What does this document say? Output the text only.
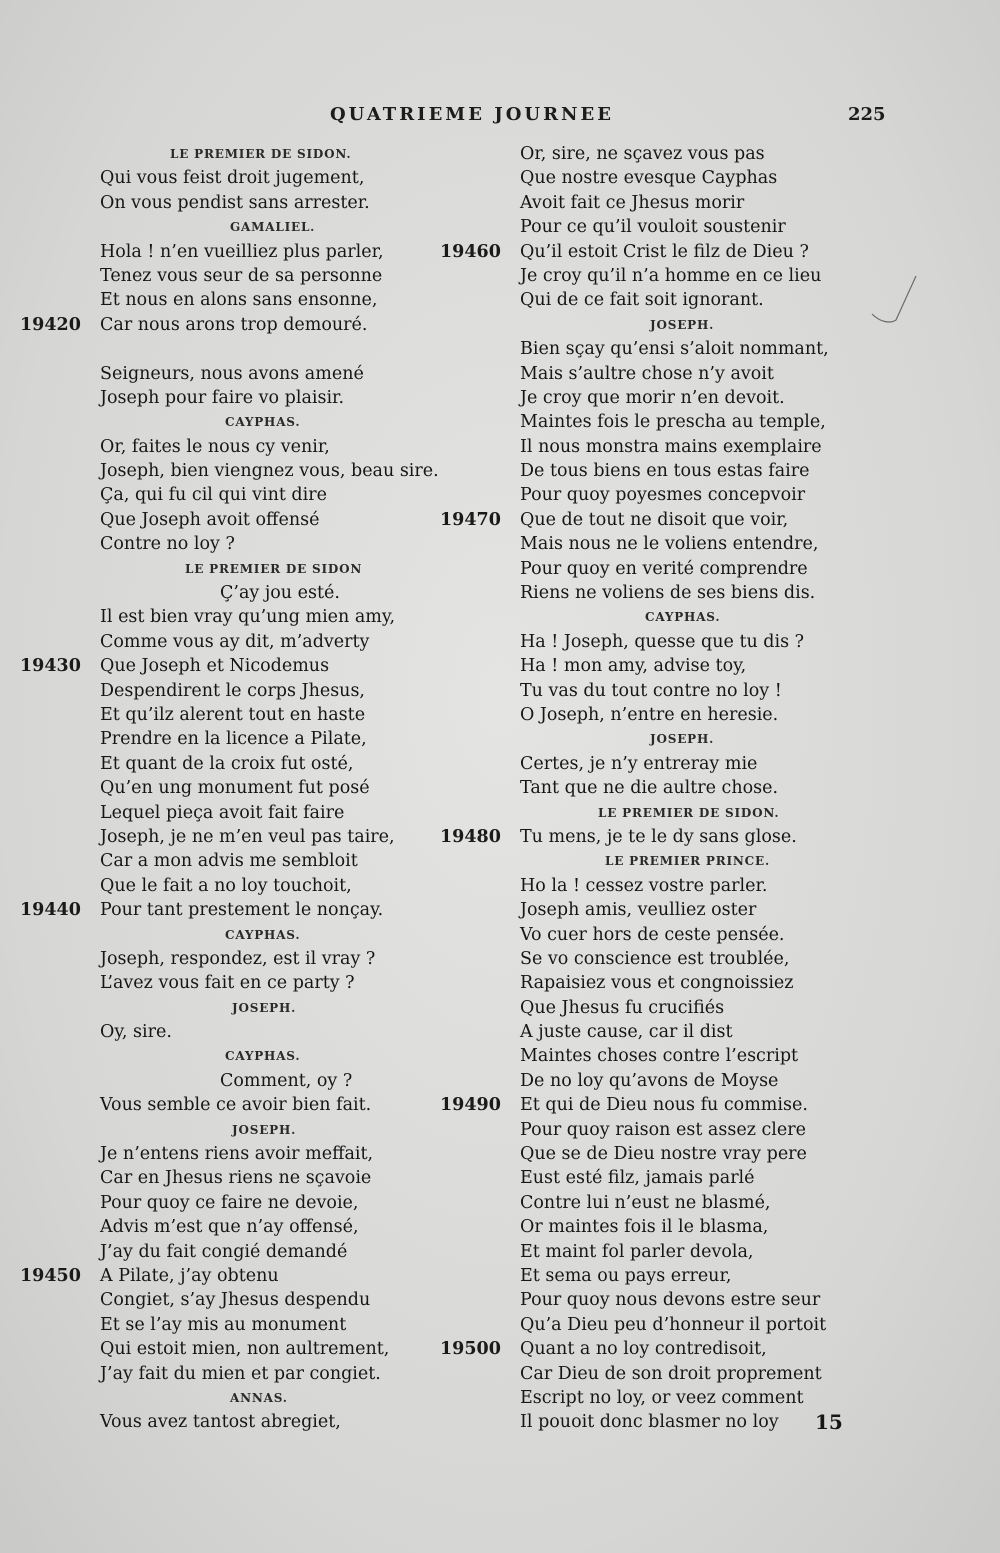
QUATRIEME JOURNEE	225
LE PREMIER DE SIDON.
Qui vous feist droit jugement,
On vous pendist sans arrester.
GAMALIEL.
Hola ! n’en vueilliez plus parler,
Tenez vous seur de sa personne
Et nous en alons sans ensonne,
19420	Car nous arons trop demouré.
Seigneurs, nous avons amené
Joseph pour faire vo plaisir.
CAYPHAS.
Or, faites le nous cy venir,
Joseph, bien viengnez vous, beau sire.
Ça, qui fu cil qui vint dire
Que Joseph avoit offensé
Contre no loy ?
LE PREMIER DE SIDON
Ç’ay jou esté.
Il est bien vray qu’ung mien amy,
Comme vous ay dit, m’adverty
19430	Que Joseph et Nicodemus
Despendirent le corps Jhesus,
Et qu’ilz alerent tout en haste
Prendre en la licence a Pilate,
Et quant de la croix fut osté,
Qu’en ung monument fut posé
Lequel pieça avoit fait faire
Joseph, je ne m’en veul pas taire,
Car a mon advis me sembloit
Que le fait a no loy touchoit,
19440	Pour tant prestement le nonçay.
CAYPHAS.
Joseph, respondez, est il vray ?
L’avez vous fait en ce party ?
JOSEPH.
Oy, sire.
CAYPHAS.
Comment, oy ?
Vous semble ce avoir bien fait.
JOSEPH.
Je n’entens riens avoir meffait,
Car en Jhesus riens ne sçavoie
Pour quoy ce faire ne devoie,
Advis m’est que n’ay offensé,
J’ay du fait congié demandé
19450	A Pilate, j’ay obtenu
Congiet, s’ay Jhesus despendu
Et se l’ay mis au monument
Qui estoit mien, non aultrement,
J’ay fait du mien et par congiet.
ANNAS.
Vous avez tantost abregiet,
Or, sire, ne sçavez vous pas
Que nostre evesque Cayphas
Avoit fait ce Jhesus morir
Pour ce qu’il vouloit soustenir
19460	Qu’il estoit Crist le filz de Dieu ?
Je croy qu’il n’a homme en ce lieu
Qui de ce fait soit ignorant.
JOSEPH.
Bien sçay qu’ensi s’aloit nommant,
Mais s’aultre chose n’y avoit
Je croy que morir n’en devoit.
Maintes fois le prescha au temple,
Il nous monstra mains exemplaire
De tous biens en tous estas faire
Pour quoy poyesmes concepvoir
19470	Que de tout ne disoit que voir,
Mais nous ne le voliens entendre,
Pour quoy en verité comprendre
Riens ne voliens de ses biens dis.
CAYPHAS.
Ha ! Joseph, quesse que tu dis ?
Ha ! mon amy, advise toy,
Tu vas du tout contre no loy !
O Joseph, n’entre en heresie.
JOSEPH.
Certes, je n’y entreray mie
Tant que ne die aultre chose.
LE PREMIER DE SIDON.
19480	Tu mens, je te le dy sans glose.
LE PREMIER PRINCE.
Ho la ! cessez vostre parler.
Joseph amis, veulliez oster
Vo cuer hors de ceste pensée.
Se vo conscience est troublée,
Rapaisiez vous et congnoissiez
Que Jhesus fu crucifiés
A juste cause, car il dist
Maintes choses contre l’escript
De no loy qu’avons de Moyse
19490	Et qui de Dieu nous fu commise.
Pour quoy raison est assez clere
Que se de Dieu nostre vray pere
Eust esté filz, jamais parlé
Contre lui n’eust ne blasmé,
Or maintes fois il le blasma,
Et maint fol parler devola,
Et sema ou pays erreur,
Pour quoy nous devons estre seur
Qu’a Dieu peu d’honneur il portoit
19500	Quant a no loy contredisoit,
Car Dieu de son droit proprement
Escript no loy, or veez comment
Il pouoit donc blasmer no loy	15
